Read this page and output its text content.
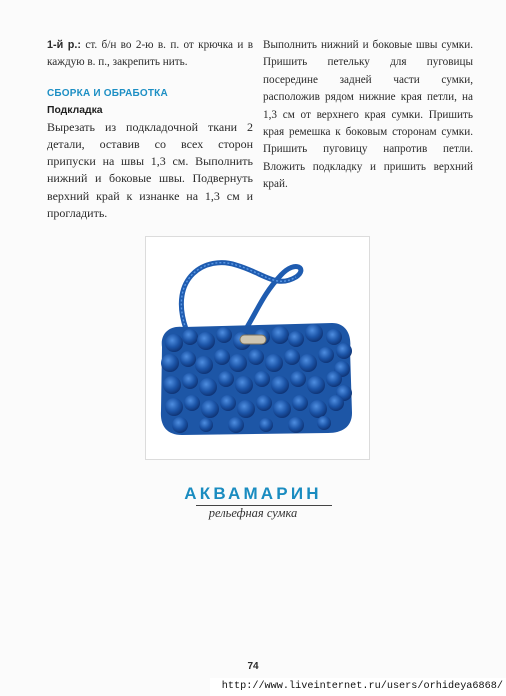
1-й р.: ст. б/н во 2-ю в. п. от крючка и в каждую в. п., закрепить нить.
СБОРКА И ОБРАБОТКА
Подкладка
Вырезать из подкладочной ткани 2 детали, оставив со всех сторон припуски на швы 1,3 см. Выполнить нижний и боковые швы. Подвернуть верхний край к изнанке на 1,3 см и прогладить.
Выполнить нижний и боковые швы сумки. Пришить петельку для пуговицы посередине задней части сумки, расположив рядом нижние края петли, на 1,3 см от верхнего края сумки. Пришить края ремешка к боковым сторонам сумки. Пришить пуговицу напротив петли. Вложить подкладку и пришить верхний край.
АКВАМАРИН
рельефная сумка
74
http://www.liveinternet.ru/users/orhideya6868/
